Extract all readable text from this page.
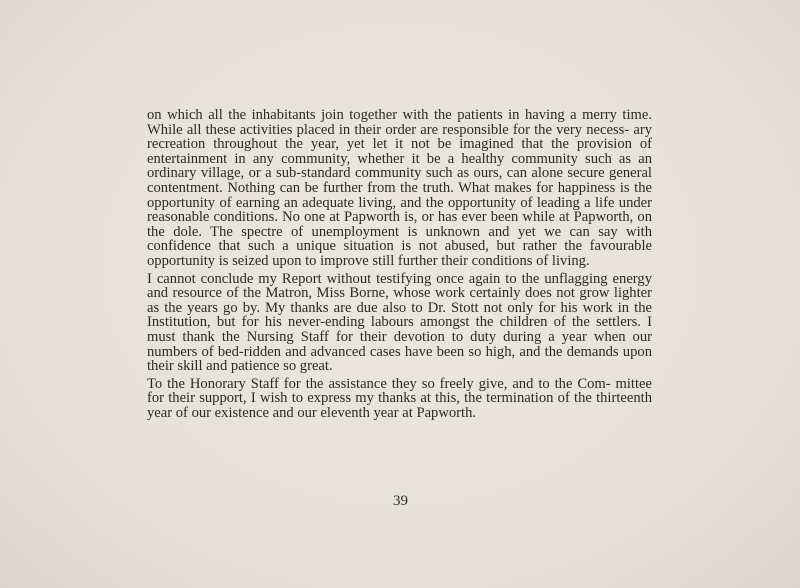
on which all the inhabitants join together with the patients in having a merry time. While all these activities placed in their order are responsible for the very necess- ary recreation throughout the year, yet let it not be imagined that the provision of entertainment in any community, whether it be a healthy community such as an ordinary village, or a sub-standard community such as ours, can alone secure general contentment. Nothing can be further from the truth. What makes for happiness is the opportunity of earning an adequate living, and the opportunity of leading a life under reasonable conditions. No one at Papworth is, or has ever been while at Papworth, on the dole. The spectre of unemployment is unknown and yet we can say with confidence that such a unique situation is not abused, but rather the favourable opportunity is seized upon to improve still further their conditions of living.

I cannot conclude my Report without testifying once again to the unflagging energy and resource of the Matron, Miss Borne, whose work certainly does not grow lighter as the years go by. My thanks are due also to Dr. Stott not only for his work in the Institution, but for his never-ending labours amongst the children of the settlers. I must thank the Nursing Staff for their devotion to duty during a year when our numbers of bed-ridden and advanced cases have been so high, and the demands upon their skill and patience so great.

To the Honorary Staff for the assistance they so freely give, and to the Com- mittee for their support, I wish to express my thanks at this, the termination of the thirteenth year of our existence and our eleventh year at Papworth.

39
